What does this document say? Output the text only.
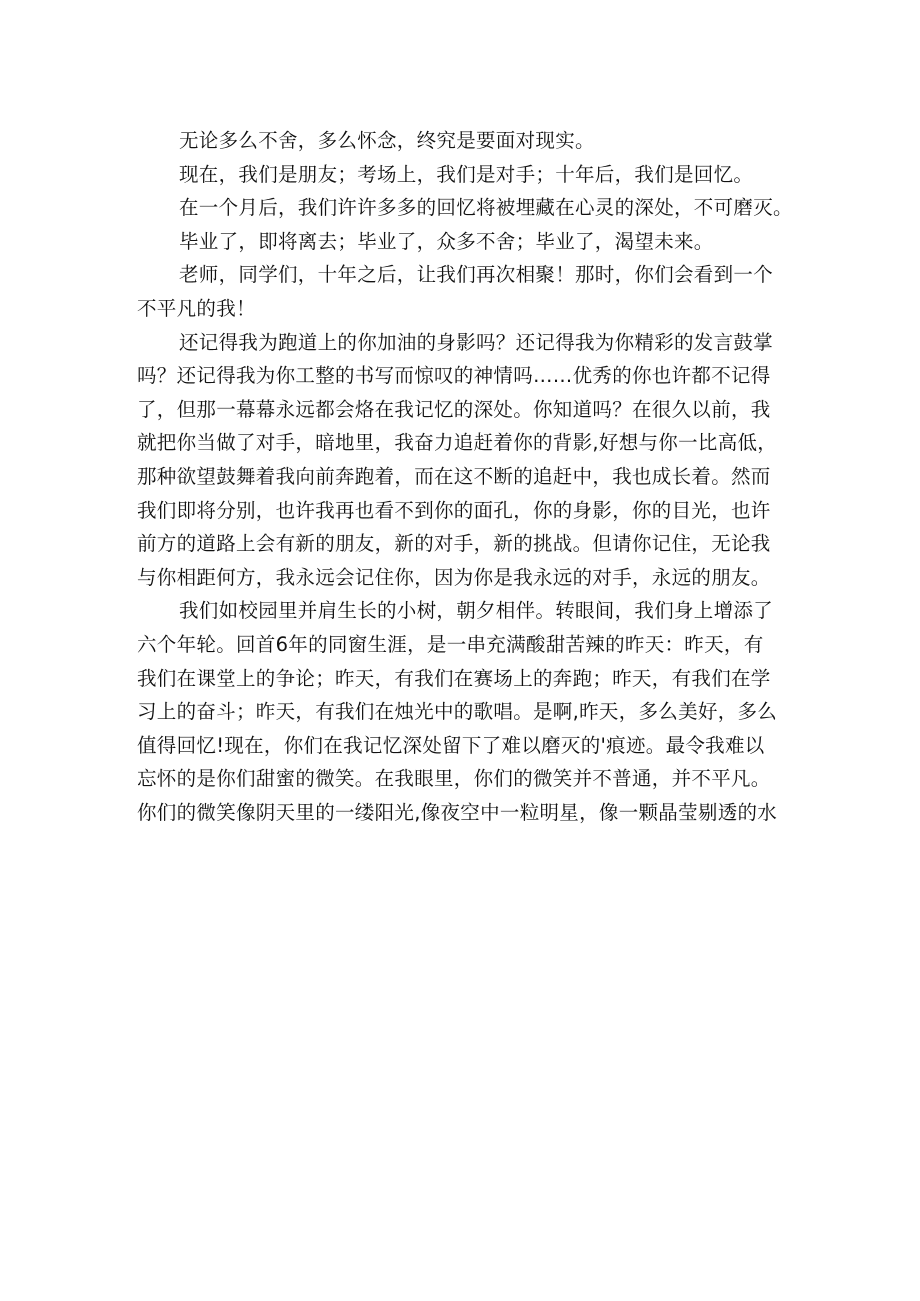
无论多么不舍，多么怀念，终究是要面对现实。
现在，我们是朋友；考场上，我们是对手；十年后，我们是回忆。
在一个月后，我们许许多多的回忆将被埋藏在心灵的深处，不可磨灭。
毕业了，即将离去；毕业了，众多不舍；毕业了，渴望未来。
老师，同学们，十年之后，让我们再次相聚！那时，你们会看到一个
不平凡的我！
还记得我为跑道上的你加油的身影吗？还记得我为你精彩的发言鼓掌
吗？还记得我为你工整的书写而惊叹的神情吗……优秀的你也许都不记得
了，但那一幕幕永远都会烙在我记忆的深处。你知道吗？在很久以前，我
就把你当做了对手，暗地里，我奋力追赶着你的背影,好想与你一比高低，
那种欲望鼓舞着我向前奔跑着，而在这不断的追赶中，我也成长着。然而
我们即将分别，也许我再也看不到你的面孔，你的身影，你的目光，也许
前方的道路上会有新的朋友，新的对手，新的挑战。但请你记住，无论我
与你相距何方，我永远会记住你，因为你是我永远的对手，永远的朋友。
我们如校园里并肩生长的小树，朝夕相伴。转眼间，我们身上增添了
六个年轮。回首6年的同窗生涯，是一串充满酸甜苦辣的昨天：昨天，有
我们在课堂上的争论；昨天，有我们在赛场上的奔跑；昨天，有我们在学
习上的奋斗；昨天，有我们在烛光中的歌唱。是啊,昨天，多么美好，多么
值得回忆!现在，你们在我记忆深处留下了难以磨灭的'痕迹。最令我难以
忘怀的是你们甜蜜的微笑。在我眼里，你们的微笑并不普通，并不平凡。
你们的微笑像阴天里的一缕阳光,像夜空中一粒明星，像一颗晶莹剔透的水
